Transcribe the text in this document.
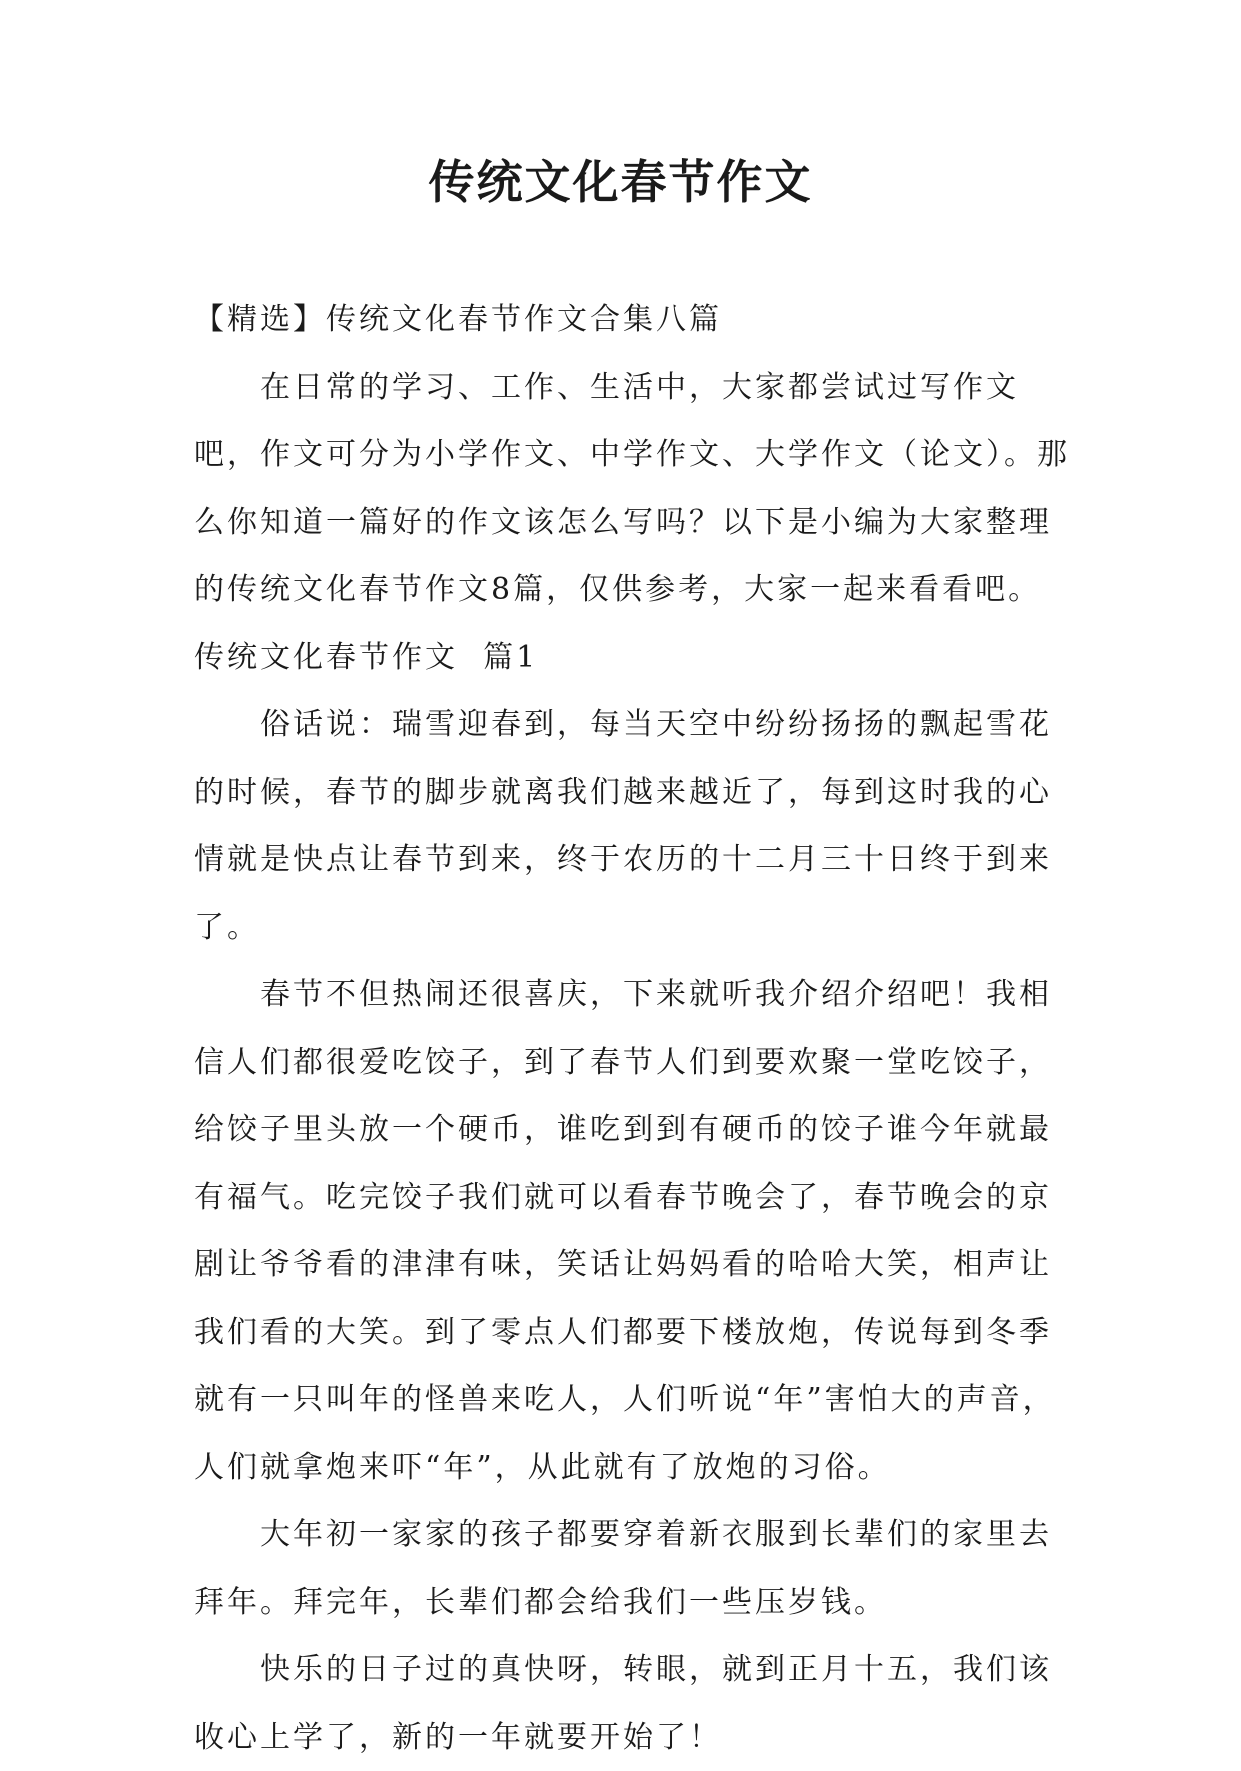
传统文化春节作文

【精选】传统文化春节作文合集八篇

在日常的学习、工作、生活中，大家都尝试过写作文吧，作文可分为小学作文、中学作文、大学作文（论文）。那么你知道一篇好的作文该怎么写吗？以下是小编为大家整理的传统文化春节作文8篇，仅供参考，大家一起来看看吧。

传统文化春节作文  篇1

俗话说：瑞雪迎春到，每当天空中纷纷扬扬的飘起雪花的时候，春节的脚步就离我们越来越近了，每到这时我的心情就是快点让春节到来，终于农历的十二月三十日终于到来了。

春节不但热闹还很喜庆，下来就听我介绍介绍吧！我相信人们都很爱吃饺子，到了春节人们到要欢聚一堂吃饺子，给饺子里头放一个硬币，谁吃到到有硬币的饺子谁今年就最有福气。吃完饺子我们就可以看春节晚会了，春节晚会的京剧让爷爷看的津津有味，笑话让妈妈看的哈哈大笑，相声让我们看的大笑。到了零点人们都要下楼放炮，传说每到冬季就有一只叫年的怪兽来吃人，人们听说“年”害怕大的声音，人们就拿炮来吓“年”，从此就有了放炮的习俗。

大年初一家家的孩子都要穿着新衣服到长辈们的家里去拜年。拜完年，长辈们都会给我们一些压岁钱。

快乐的日子过的真快呀，转眼，就到正月十五，我们该收心上学了，新的一年就要开始了！
